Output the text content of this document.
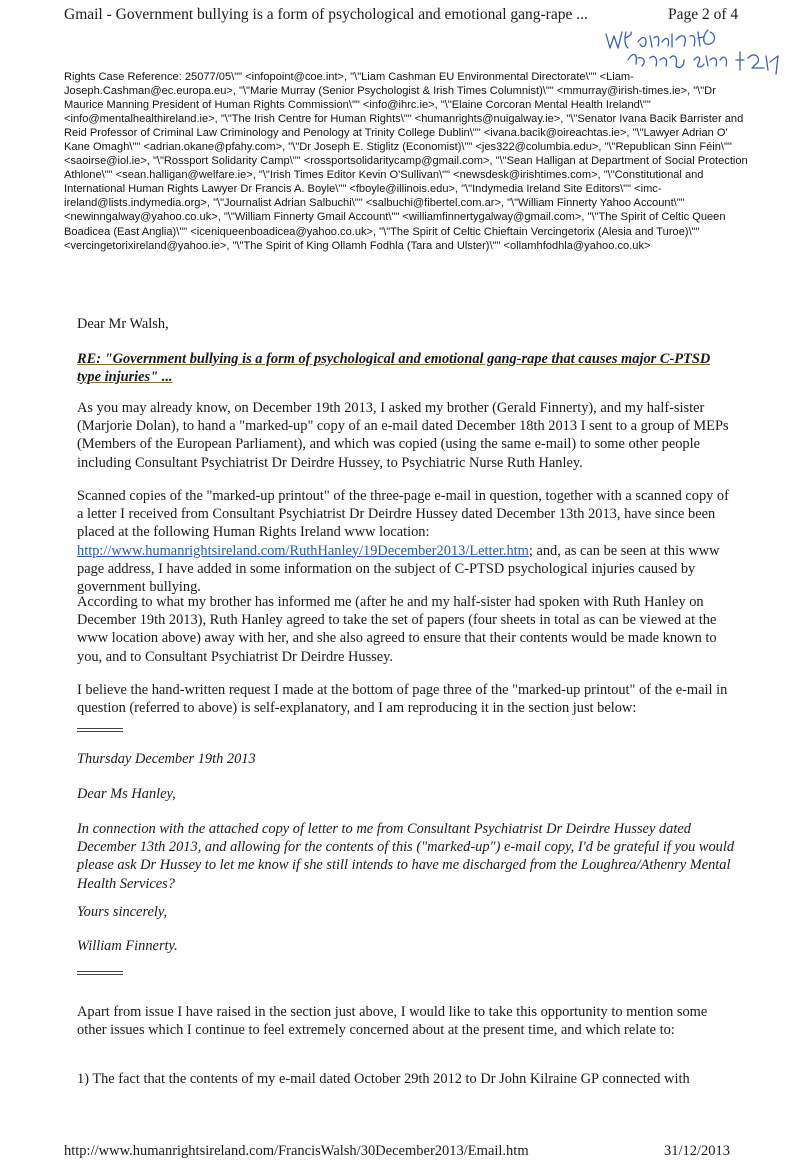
Gmail - Government bullying is a form of psychological and emotional gang-rape ...	Page 2 of 4
Rights Case Reference: 25077/05\"" <infopoint@coe.int>, "\"Liam Cashman EU Environmental Directorate\"" <Liam-Joseph.Cashman@ec.europa.eu>, "\"Marie Murray (Senior Psychologist & Irish Times Columnist)\"" <mmurray@irish-times.ie>, "\"Dr Maurice Manning President of Human Rights Commission\"" <info@ihrc.ie>, "\"Elaine Corcoran Mental Health Ireland\"" <info@mentalhealthireland.ie>, "\"The Irish Centre for Human Rights\"" <humanrights@nuigalway.ie>, "\"Senator Ivana Bacik Barrister and Reid Professor of Criminal Law Criminology and Penology at Trinity College Dublin\"" <ivana.bacik@oireachtas.ie>, "\"Lawyer Adrian O' Kane Omagh\"" <adrian.okane@pfahy.com>, "\"Dr Joseph E. Stiglitz (Economist)\"" <jes322@columbia.edu>, "\"Republican Sinn Féin\"" <saoirse@iol.ie>, "\"Rossport Solidarity Camp\"" <rossportsolidaritycamp@gmail.com>, "\"Sean Halligan at Department of Social Protection Athlone\"" <sean.halligan@welfare.ie>, "\"Irish Times Editor Kevin O'Sullivan\"" <newsdesk@irishtimes.com>, "\"Constitutional and International Human Rights Lawyer Dr Francis A. Boyle\"" <fboyle@illinois.edu>, "\"Indymedia Ireland Site Editors\"" <imc-ireland@lists.indymedia.org>, "\"Journalist Adrian Salbuchi\"" <salbuchi@fibertel.com.ar>, "\"William Finnerty Yahoo Account\"" <newinngalway@yahoo.co.uk>, "\"William Finnerty Gmail Account\"" <williamfinnertygalway@gmail.com>, "\"The Spirit of Celtic Queen Boadicea (East Anglia)\"" <iceniqueenboadicea@yahoo.co.uk>, "\"The Spirit of Celtic Chieftain Vercingetorix (Alesia and Turoe)\"" <vercingetorixireland@yahoo.ie>, "\"The Spirit of King Ollamh Fodhla (Tara and Ulster)\"" <ollamhfodhla@yahoo.co.uk>

Dear Mr Walsh,

RE: "Government bullying is a form of psychological and emotional gang-rape that causes major C-PTSD type injuries" ...

As you may already know, on December 19th 2013, I asked my brother (Gerald Finnerty), and my half-sister (Marjorie Dolan), to hand a "marked-up" copy of an e-mail dated December 18th 2013 I sent to a group of MEPs (Members of the European Parliament), and which was copied (using the same e-mail) to some other people including Consultant Psychiatrist Dr Deirdre Hussey, to Psychiatric Nurse Ruth Hanley.

Scanned copies of the "marked-up printout" of the three-page e-mail in question, together with a scanned copy of a letter I received from Consultant Psychiatrist Dr Deirdre Hussey dated December 13th 2013, have since been placed at the following Human Rights Ireland www location: http://www.humanrightsireland.com/RuthHanley/19December2013/Letter.htm; and, as can be seen at this www page address, I have added in some information on the subject of C-PTSD psychological injuries caused by government bullying.

According to what my brother has informed me (after he and my half-sister had spoken with Ruth Hanley on December 19th 2013), Ruth Hanley agreed to take the set of papers (four sheets in total as can be viewed at the www location above) away with her, and she also agreed to ensure that their contents would be made known to you, and to Consultant Psychiatrist Dr Deirdre Hussey.

I believe the hand-written request I made at the bottom of page three of the "marked-up printout" of the e-mail in question (referred to above) is self-explanatory, and I am reproducing it in the section just below:

Thursday December 19th 2013

Dear Ms Hanley,

In connection with the attached copy of letter to me from Consultant Psychiatrist Dr Deirdre Hussey dated December 13th 2013, and allowing for the contents of this ("marked-up") e-mail copy, I'd be grateful if you would please ask Dr Hussey to let me know if she still intends to have me discharged from the Loughrea/Athenry Mental Health Services?

Yours sincerely,

William Finnerty.

Apart from issue I have raised in the section just above, I would like to take this opportunity to mention some other issues which I continue to feel extremely concerned about at the present time, and which relate to:

1) The fact that the contents of my e-mail dated October 29th 2012 to Dr John Kilraine GP connected with

http://www.humanrightsireland.com/FrancisWalsh/30December2013/Email.htm	31/12/2013
